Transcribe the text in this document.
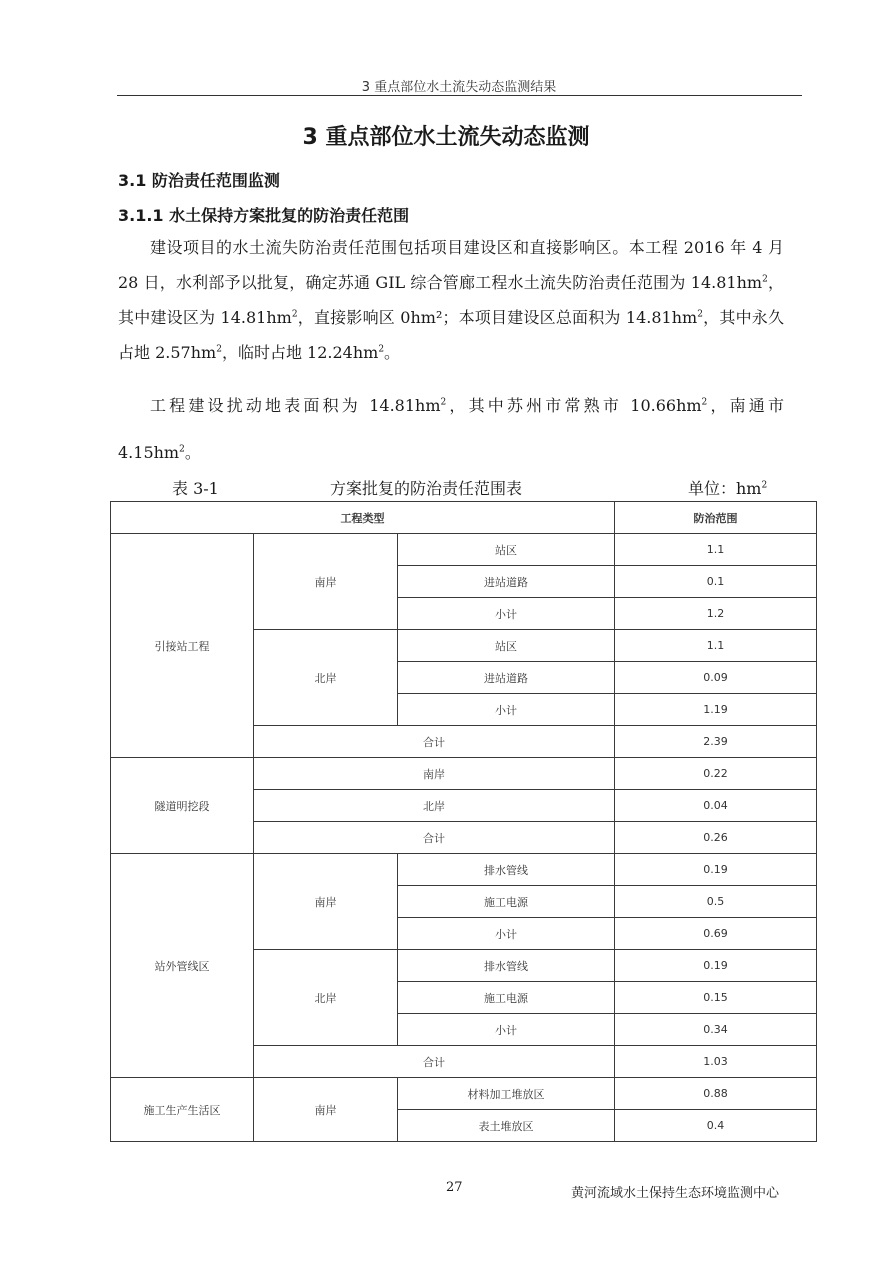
3 重点部位水土流失动态监测结果
3 重点部位水土流失动态监测
3.1 防治责任范围监测
3.1.1 水土保持方案批复的防治责任范围

建设项目的水土流失防治责任范围包括项目建设区和直接影响区。本工程 2016 年 4 月 28 日，水利部予以批复，确定苏通 GIL 综合管廊工程水土流失防治责任范围为 $14.81hm^2$，其中建设区为 $14.81hm^2$，直接影响区 0hm²；本项目建设区总面积为 $14.81hm^2$，其中永久占地 $2.57hm^2$，临时占地 $12.24hm^2$。

工程建设扰动地表面积为 $14.81hm^2$，其中苏州市常熟市 $10.66hm^2$，南通市 $4.15hm^2$。

表 3-1	方案批复的防治责任范围表	单位：$hm^2$
工程类型			防治范围
引接站工程	南岸	站区	1.1
		进站道路	0.1
		小计	1.2
	北岸	站区	1.1
		进站道路	0.09
		小计	1.19
	合计		2.39
隧道明挖段	南岸		0.22
	北岸		0.04
	合计		0.26
站外管线区	南岸	排水管线	0.19
		施工电源	0.5
		小计	0.69
	北岸	排水管线	0.19
		施工电源	0.15
		小计	0.34
	合计		1.03
施工生产生活区	南岸	材料加工堆放区	0.88
		表土堆放区	0.4
27	黄河流域水土保持生态环境监测中心
